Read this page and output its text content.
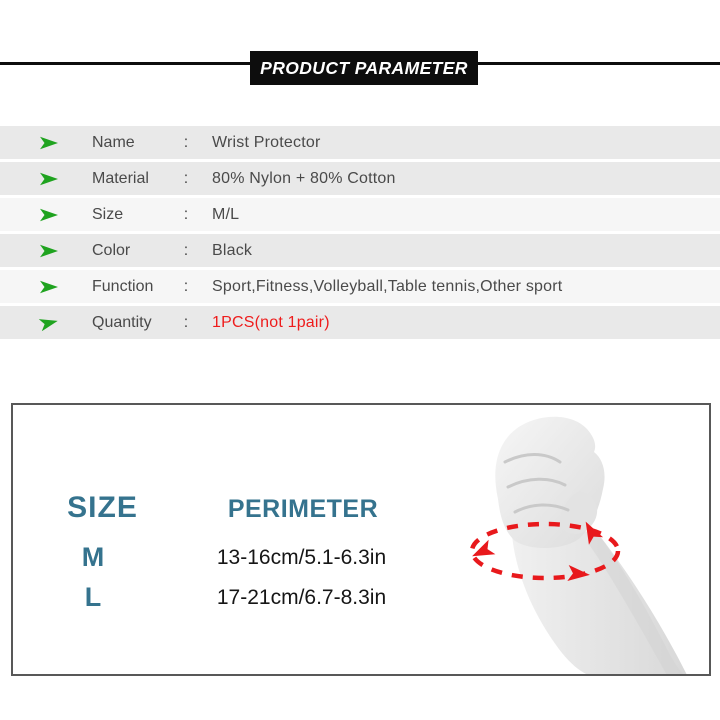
PRODUCT PARAMETER
Name	: Wrist Protector
Material	: 80% Nylon + 80% Cotton
Size	: M/L
Color	: Black
Function	: Sport,Fitness,Volleyball,Table tennis,Other sport
Quantity	: 1PCS(not 1pair)
SIZE	PERIMETER
M	13-16cm/5.1-6.3in
L	17-21cm/6.7-8.3in
